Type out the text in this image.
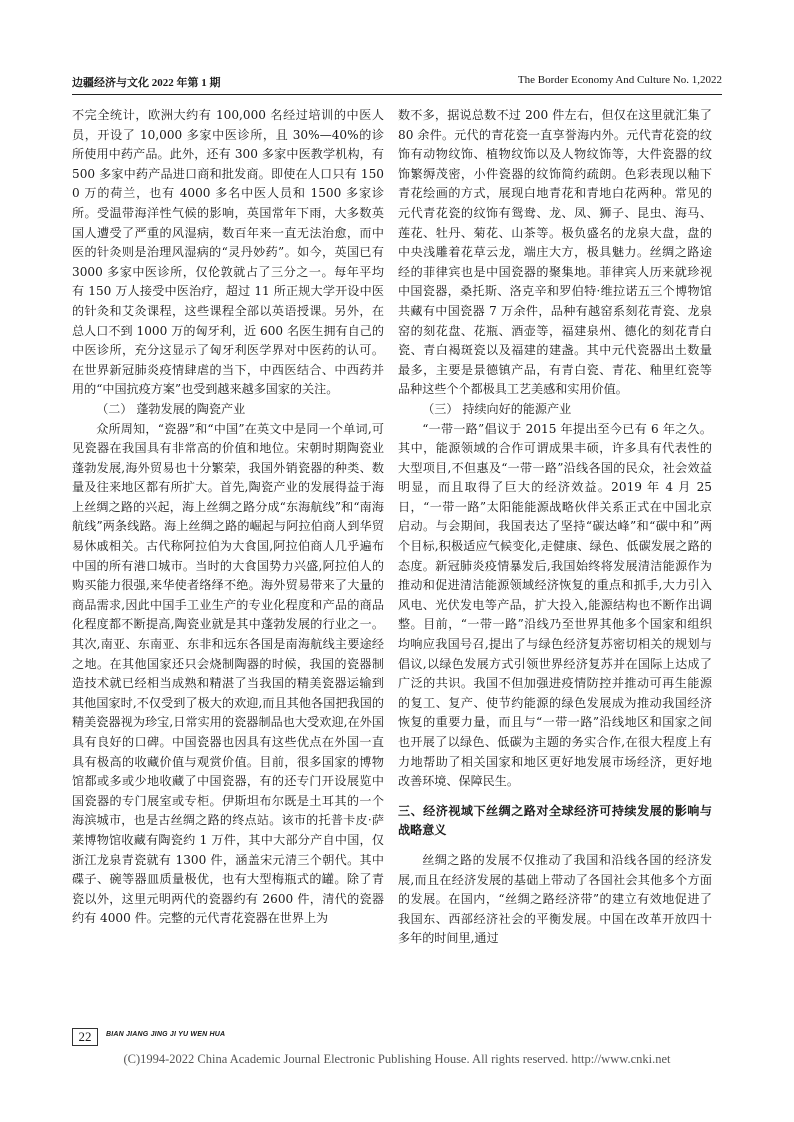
边疆经济与文化 2022 年第 1 期	The Border Economy And Culture No. 1,2022

不完全统计，欧洲大约有 100,000 名经过培训的中医人员，开设了 10,000 多家中医诊所，且 30%—40%的诊所使用中药产品。此外，还有 300 多家中医教学机构，有 500 多家中药产品进口商和批发商。即使在人口只有 1500 万的荷兰，也有 4000 多名中医人员和 1500 多家诊所。受温带海洋性气候的影响，英国常年下雨，大多数英国人遭受了严重的风湿病，数百年来一直无法治愈，而中医的针灸则是治理风湿病的“灵丹妙药”。如今，英国已有 3000 多家中医诊所，仅伦敦就占了三分之一。每年平均有 150 万人接受中医治疗，超过 11 所正规大学开设中医的针灸和艾灸课程，这些课程全部以英语授课。另外，在总人口不到 1000 万的匈牙利，近 600 名医生拥有自己的中医诊所，充分这显示了匈牙利医学界对中医药的认可。在世界新冠肺炎疫情肆虐的当下，中西医结合、中西药并用的“中国抗疫方案”也受到越来越多国家的关注。

（二） 蓬勃发展的陶瓷产业

众所周知，“瓷器”和“中国”在英文中是同一个单词,可见瓷器在我国具有非常高的价值和地位。宋朝时期陶瓷业蓬勃发展,海外贸易也十分繁荣，我国外销瓷器的种类、数量及往来地区都有所扩大。首先,陶瓷产业的发展得益于海上丝绸之路的兴起，海上丝绸之路分成“东海航线”和“南海航线”两条线路。海上丝绸之路的崛起与阿拉伯商人到华贸易休戚相关。古代称阿拉伯为大食国,阿拉伯商人几乎遍布中国的所有港口城市。当时的大食国势力兴盛,阿拉伯人的购买能力很强,来华使者络绎不绝。海外贸易带来了大量的商品需求,因此中国手工业生产的专业化程度和产品的商品化程度都不断提高,陶瓷业就是其中蓬勃发展的行业之一。其次,南亚、东南亚、东非和远东各国是南海航线主要途经之地。在其他国家还只会烧制陶器的时候，我国的瓷器制造技术就已经相当成熟和精湛了当我国的精美瓷器运输到其他国家时,不仅受到了极大的欢迎,而且其他各国把我国的精美瓷器视为珍宝,日常实用的瓷器制品也大受欢迎,在外国具有良好的口碑。中国瓷器也因具有这些优点在外国一直具有极高的收藏价值与观赏价值。目前，很多国家的博物馆都或多或少地收藏了中国瓷器，有的还专门开设展览中国瓷器的专门展室或专柜。伊斯坦布尔既是土耳其的一个海滨城市，也是古丝绸之路的终点站。该市的托普卡皮·萨莱博物馆收藏有陶瓷约 1 万件，其中大部分产自中国，仅浙江龙泉青瓷就有 1300 件，涵盖宋元清三个朝代。其中碟子、碗等器皿质量极优，也有大型梅瓶式的罐。除了青瓷以外，这里元明两代的瓷器约有 2600 件，清代的瓷器约有 4000 件。完整的元代青花瓷器在世界上为

数不多，据说总数不过 200 件左右，但仅在这里就汇集了 80 余件。元代的青花瓷一直享誉海内外。元代青花瓷的纹饰有动物纹饰、植物纹饰以及人物纹饰等，大件瓷器的纹饰繁缛茂密，小件瓷器的纹饰简约疏朗。色彩表现以釉下青花绘画的方式，展现白地青花和青地白花两种。常见的元代青花瓷的纹饰有鸳鸯、龙、凤、狮子、昆虫、海马、莲花、牡丹、菊花、山茶等。极负盛名的龙泉大盘，盘的中央浅雕着花草云龙，端庄大方，极具魅力。丝绸之路途经的菲律宾也是中国瓷器的聚集地。菲律宾人历来就珍视中国瓷器，桑托斯、洛克辛和罗伯特·维拉诺五三个博物馆共藏有中国瓷器 7 万余件，品种有越窑系刻花青瓷、龙泉窑的刻花盘、花瓶、酒壶等，福建泉州、德化的刻花青白瓷、青白褐斑瓷以及福建的建盏。其中元代瓷器出土数量最多，主要是景德镇产品，有青白瓷、青花、釉里红瓷等品种这些个个都极具工艺美感和实用价值。

（三） 持续向好的能源产业

“一带一路”倡议于 2015 年提出至今已有 6 年之久。其中，能源领域的合作可谓成果丰硕，许多具有代表性的大型项目,不但惠及“一带一路”沿线各国的民众，社会效益明显，而且取得了巨大的经济效益。2019 年 4 月 25 日，“一带一路”太阳能能源战略伙伴关系正式在中国北京启动。与会期间，我国表达了坚持“碳达峰”和“碳中和”两个目标,积极适应气候变化,走健康、绿色、低碳发展之路的态度。新冠肺炎疫情暴发后,我国始终将发展清洁能源作为推动和促进清洁能源领域经济恢复的重点和抓手,大力引入风电、光伏发电等产品，扩大投入,能源结构也不断作出调整。目前，“一带一路”沿线乃至世界其他多个国家和组织均响应我国号召,提出了与绿色经济复苏密切相关的规划与倡议,以绿色发展方式引领世界经济复苏并在国际上达成了广泛的共识。我国不但加强进疫情防控并推动可再生能源的复工、复产、使节约能源的绿色发展成为推动我国经济恢复的重要力量，而且与“一带一路”沿线地区和国家之间也开展了以绿色、低碳为主题的务实合作,在很大程度上有力地帮助了相关国家和地区更好地发展市场经济，更好地改善环境、保障民生。

三、经济视域下丝绸之路对全球经济可持续发展的影响与战略意义

丝绸之路的发展不仅推动了我国和沿线各国的经济发展,而且在经济发展的基础上带动了各国社会其他多个方面的发展。在国内，“丝绸之路经济带”的建立有效地促进了我国东、西部经济社会的平衡发展。中国在改革开放四十多年的时间里,通过

22	BIAN JIANG JING JI YU WEN HUA
(C)1994-2022 China Academic Journal Electronic Publishing House. All rights reserved. http://www.cnki.net
